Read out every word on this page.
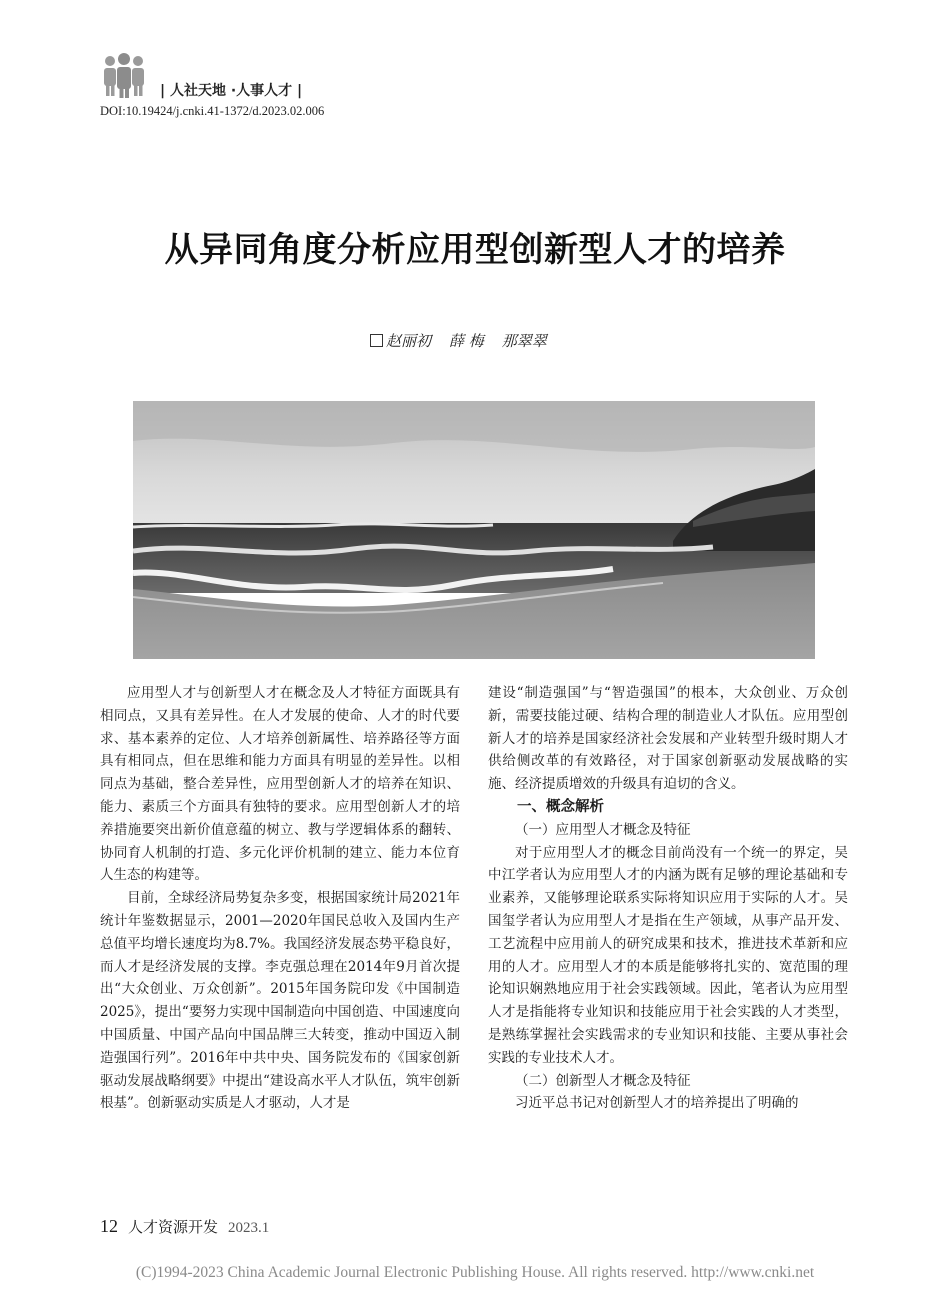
| 人社天地 ·人事人才 |
DOI:10.19424/j.cnki.41-1372/d.2023.02.006
从异同角度分析应用型创新型人才的培养
赵丽初 薛 梅 那翠翠

应用型人才与创新型人才在概念及人才特征方面既具有相同点，又具有差异性。在人才发展的使命、人才的时代要求、基本素养的定位、人才培养创新属性、培养路径等方面具有相同点，但在思维和能力方面具有明显的差异性。以相同点为基础，整合差异性，应用型创新人才的培养在知识、能力、素质三个方面具有独特的要求。应用型创新人才的培养措施要突出新价值意蕴的树立、教与学逻辑体系的翻转、协同育人机制的打造、多元化评价机制的建立、能力本位育人生态的构建等。

目前，全球经济局势复杂多变，根据国家统计局2021年统计年鉴数据显示，2001—2020年国民总收入及国内生产总值平均增长速度均为8.7%。我国经济发展态势平稳良好，而人才是经济发展的支撑。李克强总理在2014年9月首次提出“大众创业、万众创新”。2015年国务院印发《中国制造2025》，提出“要努力实现中国制造向中国创造、中国速度向中国质量、中国产品向中国品牌三大转变，推动中国迈入制造强国行列”。2016年中共中央、国务院发布的《国家创新驱动发展战略纲要》中提出“建设高水平人才队伍，筑牢创新根基”。创新驱动实质是人才驱动，人才是

建设“制造强国”与“智造强国”的根本，大众创业、万众创新，需要技能过硬、结构合理的制造业人才队伍。应用型创新人才的培养是国家经济社会发展和产业转型升级时期人才供给侧改革的有效路径，对于国家创新驱动发展战略的实施、经济提质增效的升级具有迫切的含义。

一、概念解析
（一）应用型人才概念及特征

对于应用型人才的概念目前尚没有一个统一的界定，吴中江学者认为应用型人才的内涵为既有足够的理论基础和专业素养，又能够理论联系实际将知识应用于实际的人才。吴国玺学者认为应用型人才是指在生产领域，从事产品开发、工艺流程中应用前人的研究成果和技术，推进技术革新和应用的人才。应用型人才的本质是能够将扎实的、宽范围的理论知识娴熟地应用于社会实践领域。因此，笔者认为应用型人才是指能将专业知识和技能应用于社会实践的人才类型，是熟练掌握社会实践需求的专业知识和技能、主要从事社会实践的专业技术人才。

（二）创新型人才概念及特征

习近平总书记对创新型人才的培养提出了明确的

12 人才资源开发 2023.1
(C)1994-2023 China Academic Journal Electronic Publishing House. All rights reserved. http://www.cnki.net
